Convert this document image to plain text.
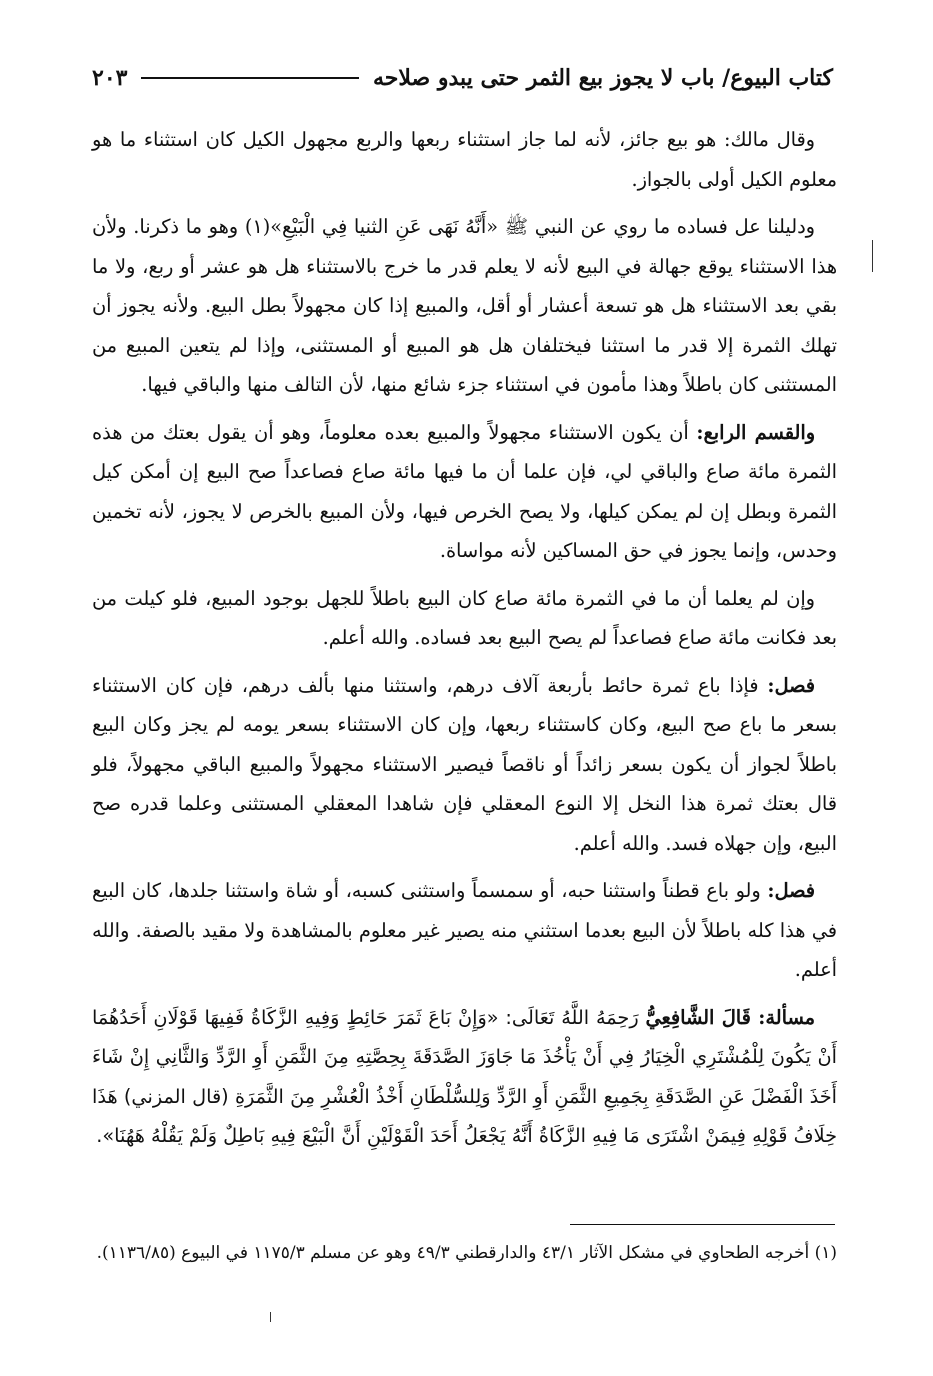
كتاب البيوع/ باب لا يجوز بيع الثمر حتى يبدو صلاحه
٢٠٣

وقال مالك: هو بيع جائز، لأنه لما جاز استثناء ربعها والربع مجهول الكيل كان استثناء ما هو معلوم الكيل أولى بالجواز.

ودليلنا عل فساده ما روي عن النبي ﷺ «أَنَّهُ نَهَى عَنِ الثنيا فِي الْبَيْعِ»(١) وهو ما ذكرنا. ولأن هذا الاستثناء يوقع جهالة في البيع لأنه لا يعلم قدر ما خرج بالاستثناء هل هو عشر أو ربع، ولا ما بقي بعد الاستثناء هل هو تسعة أعشار أو أقل، والمبيع إذا كان مجهولاً بطل البيع. ولأنه يجوز أن تهلك الثمرة إلا قدر ما استثنا فيختلفان هل هو المبيع أو المستثنى، وإذا لم يتعين المبيع من المستثنى كان باطلاً وهذا مأمون في استثناء جزء شائع منها، لأن التالف منها والباقي فيها.

والقسم الرابع: أن يكون الاستثناء مجهولاً والمبيع بعده معلوماً، وهو أن يقول بعتك من هذه الثمرة مائة صاع والباقي لي، فإن علما أن ما فيها مائة صاع فصاعداً صح البيع إن أمكن كيل الثمرة وبطل إن لم يمكن كيلها، ولا يصح الخرص فيها، ولأن المبيع بالخرص لا يجوز، لأنه تخمين وحدس، وإنما يجوز في حق المساكين لأنه مواساة.

وإن لم يعلما أن ما في الثمرة مائة صاع كان البيع باطلاً للجهل بوجود المبيع، فلو كيلت من بعد فكانت مائة صاع فصاعداً لم يصح البيع بعد فساده. والله أعلم.

فصل: فإذا باع ثمرة حائط بأربعة آلاف درهم، واستثنا منها بألف درهم، فإن كان الاستثناء بسعر ما باع صح البيع، وكان كاستثناء ربعها، وإن كان الاستثناء بسعر يومه لم يجز وكان البيع باطلاً لجواز أن يكون بسعر زائداً أو ناقصاً فيصير الاستثناء مجهولاً والمبيع الباقي مجهولاً، فلو قال بعتك ثمرة هذا النخل إلا النوع المعقلي فإن شاهدا المعقلي المستثنى وعلما قدره صح البيع، وإن جهلاه فسد. والله أعلم.

فصل: ولو باع قطناً واستثنا حبه، أو سمسماً واستثنى كسبه، أو شاة واستثنا جلدها، كان البيع في هذا كله باطلاً لأن البيع بعدما استثني منه يصير غير معلوم بالمشاهدة ولا مقيد بالصفة. والله أعلم.

مسألة: قَالَ الشَّافِعِيُّ رَحِمَهُ اللَّهُ تَعَالَى: «وَإِنْ بَاعَ ثَمَرَ حَائِطٍ وَفِيهِ الزَّكَاةُ فَفِيهَا قَوْلَانِ أَحَدُهُمَا أَنْ يَكُونَ لِلْمُشْتَرِي الْخِيَارُ فِي أَنْ يَأْخُذَ مَا جَاوَزَ الصَّدَقَةَ بِحِصَّتِهِ مِنَ الثَّمَنِ أَوِ الرَّدِّ وَالثَّانِي إِنْ شَاءَ أَخَذَ الْفَضْلَ عَنِ الصَّدَقَةِ بِجَمِيعِ الثَّمَنِ أَوِ الرَّدِّ وَلِلسُّلْطَانِ أَخْذُ الْعُشْرِ مِنَ الثَّمَرَةِ (قال المزني) هَذَا خِلَافُ قَوْلِهِ فِيمَنْ اشْتَرَى مَا فِيهِ الزَّكَاةُ أَنَّهُ يَجْعَلُ أَحَدَ الْقَوْلَيْنِ أَنَّ الْبَيْعَ فِيهِ بَاطِلٌ وَلَمْ يَقُلْهُ هَهُنَا».

(١) أخرجه الطحاوي في مشكل الآثار ٤٣/١ والدارقطني ٤٩/٣ وهو عن مسلم ١١٧٥/٣ في البيوع (١١٣٦/٨٥).
